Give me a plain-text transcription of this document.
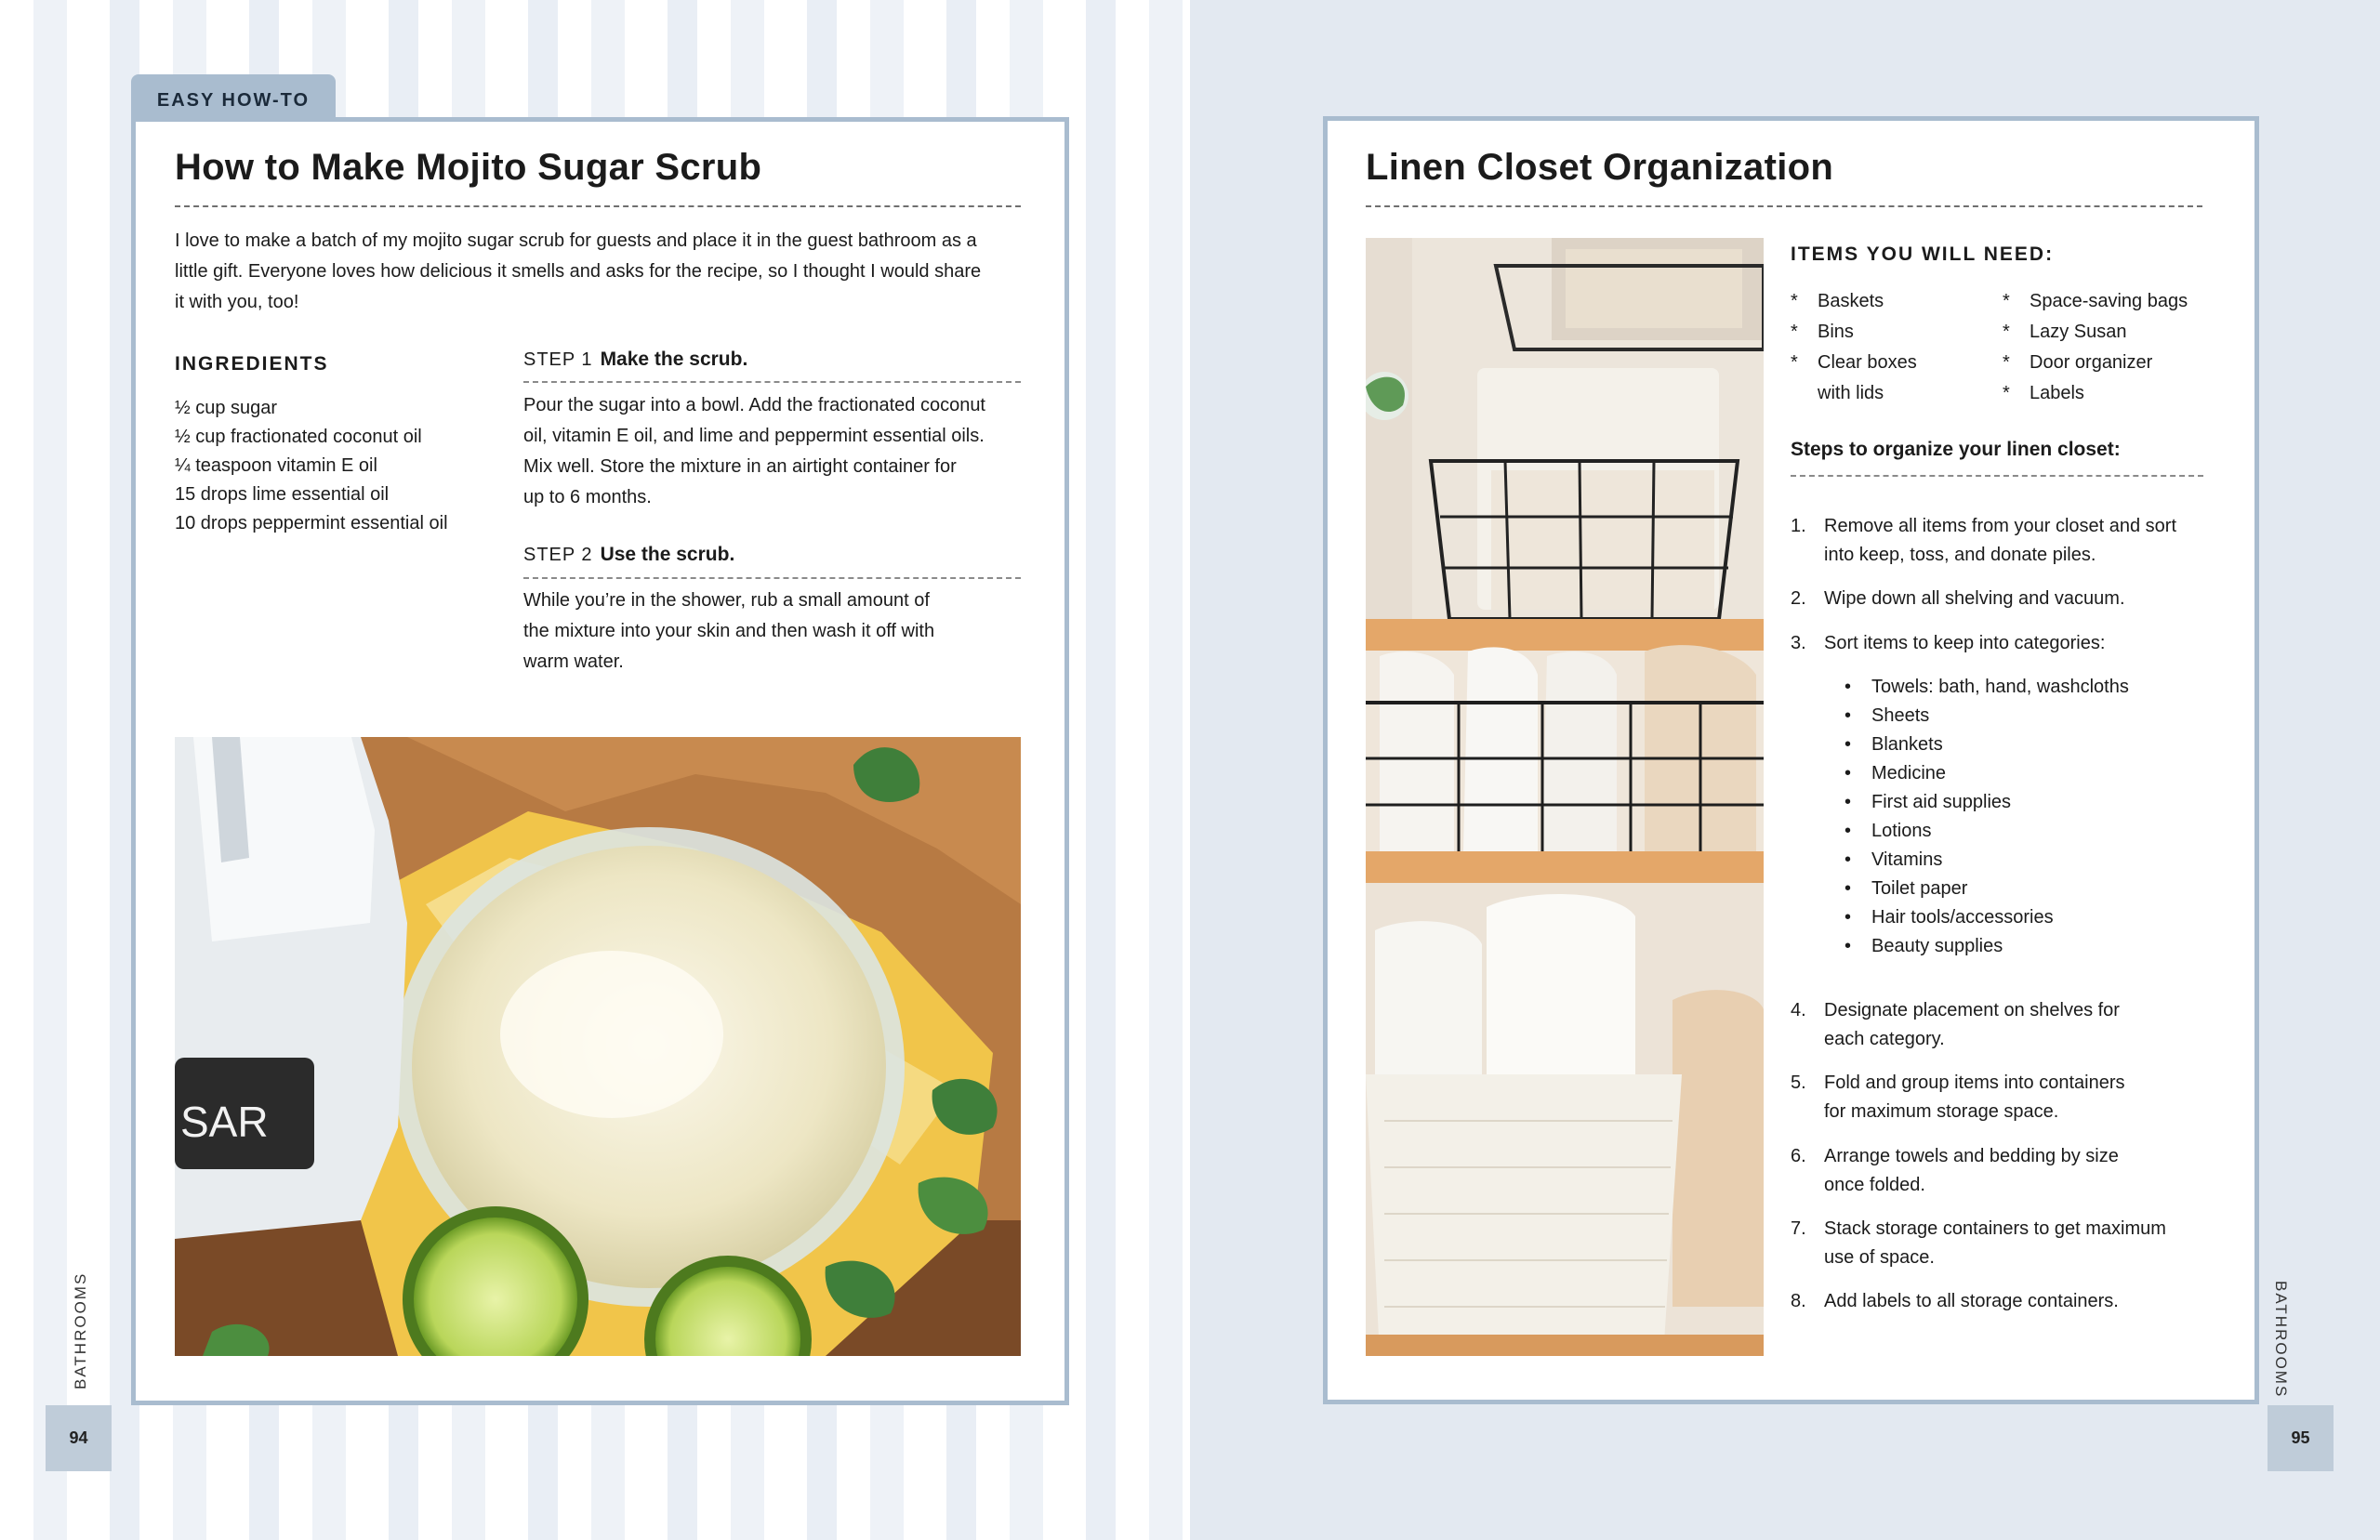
EASY HOW-TO
How to Make Mojito Sugar Scrub
I love to make a batch of my mojito sugar scrub for guests and place it in the guest bathroom as a
little gift. Everyone loves how delicious it smells and asks for the recipe, so I thought I would share
it with you, too!
INGREDIENTS
½ cup sugar
½ cup fractionated coconut oil
¼ teaspoon vitamin E oil
15 drops lime essential oil
10 drops peppermint essential oil
STEP 1 Make the scrub.
Pour the sugar into a bowl. Add the fractionated coconut
oil, vitamin E oil, and lime and peppermint essential oils.
Mix well. Store the mixture in an airtight container for
up to 6 months.
STEP 2 Use the scrub.
While you’re in the shower, rub a small amount of
the mixture into your skin and then wash it off with
warm water.
SAR
BATHROOMS
94
Linen Closet Organization
ITEMS YOU WILL NEED:
* Baskets
* Bins
* Clear boxes
with lids
* Space-saving bags
* Lazy Susan
* Door organizer
* Labels
Steps to organize your linen closet:
1. Remove all items from your closet and sort
into keep, toss, and donate piles.
2. Wipe down all shelving and vacuum.
3. Sort items to keep into categories:
• Towels: bath, hand, washcloths
• Sheets
• Blankets
• Medicine
• First aid supplies
• Lotions
• Vitamins
• Toilet paper
• Hair tools/accessories
• Beauty supplies
4. Designate placement on shelves for
each category.
5. Fold and group items into containers
for maximum storage space.
6. Arrange towels and bedding by size
once folded.
7. Stack storage containers to get maximum
use of space.
8. Add labels to all storage containers.	BATHROOMS
95
